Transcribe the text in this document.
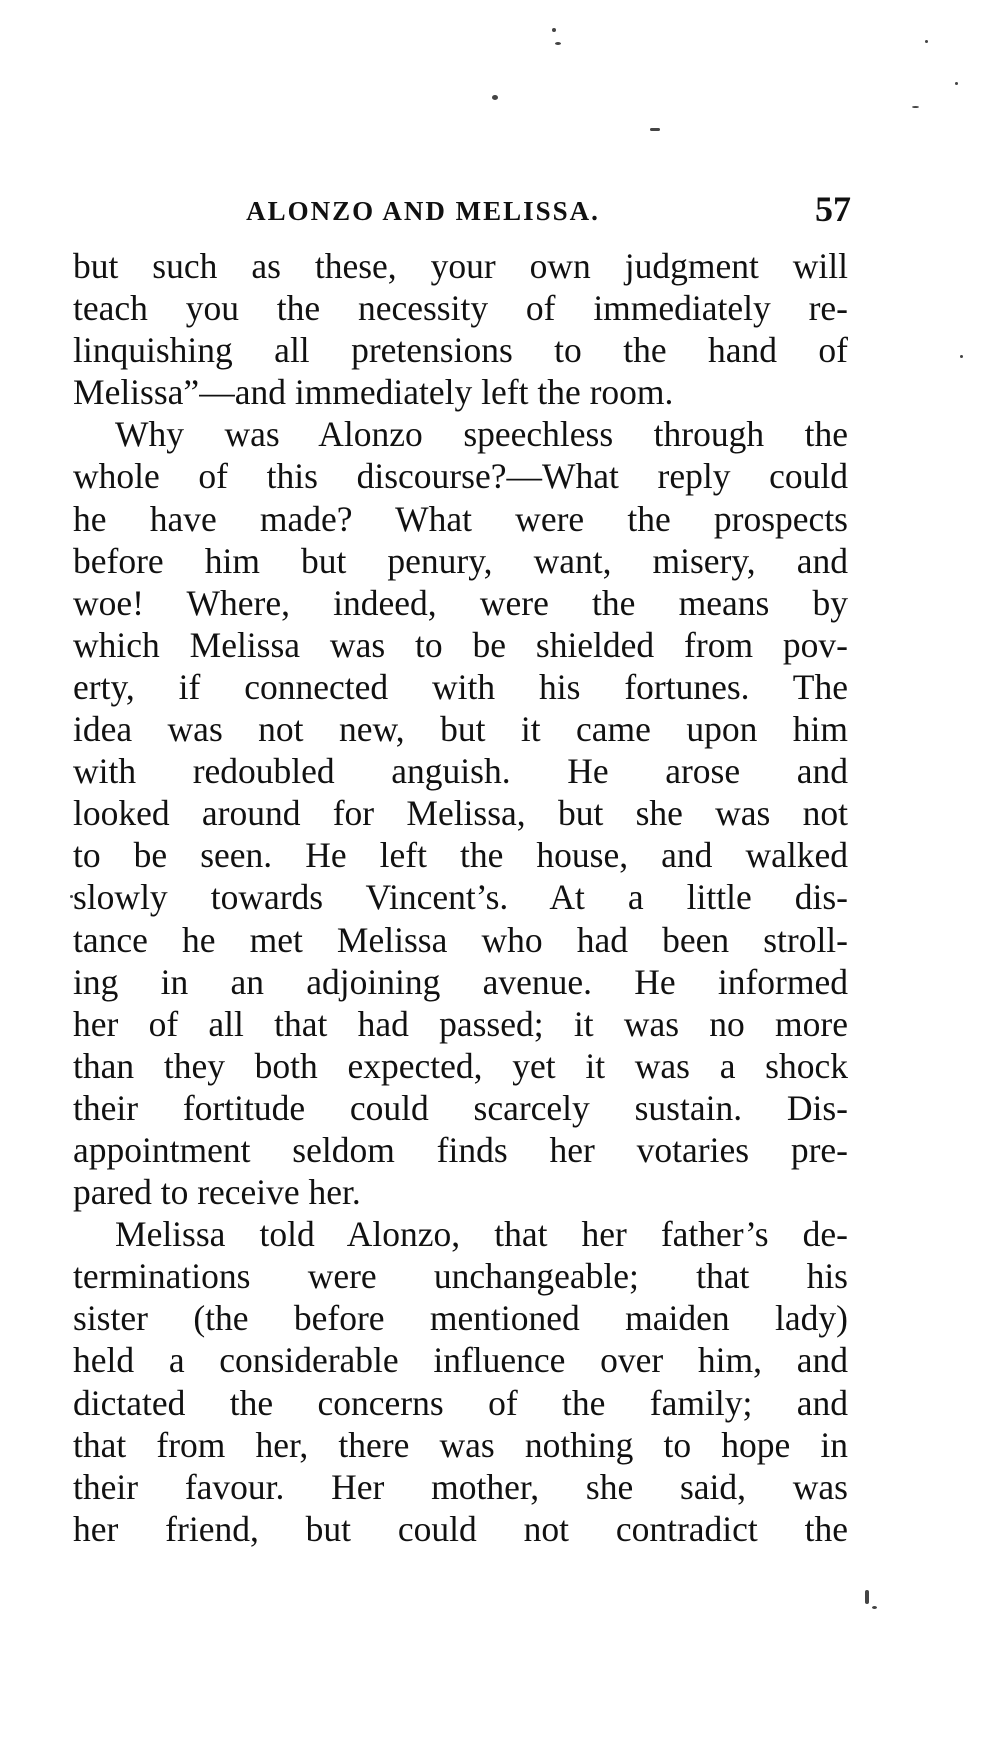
ALONZO AND MELISSA.	57
but such as these, your own judgment will
teach you the necessity of immediately re-
linquishing all pretensions to the hand of
Melissa”—and immediately left the room.
Why was Alonzo speechless through the
whole of this discourse?—What reply could
he have made? What were the prospects
before him but penury, want, misery, and
woe! Where, indeed, were the means by
which Melissa was to be shielded from pov-
erty, if connected with his fortunes. The
idea was not new, but it came upon him
with redoubled anguish. He arose and
looked around for Melissa, but she was not
to be seen. He left the house, and walked
slowly towards Vincent’s. At a little dis-
tance he met Melissa who had been stroll-
ing in an adjoining avenue. He informed
her of all that had passed; it was no more
than they both expected, yet it was a shock
their fortitude could scarcely sustain. Dis-
appointment seldom finds her votaries pre-
pared to receive her.
Melissa told Alonzo, that her father’s de-
terminations were unchangeable; that his
sister (the before mentioned maiden lady)
held a considerable influence over him, and
dictated the concerns of the family; and
that from her, there was nothing to hope in
their favour. Her mother, she said, was
her friend, but could not contradict the
